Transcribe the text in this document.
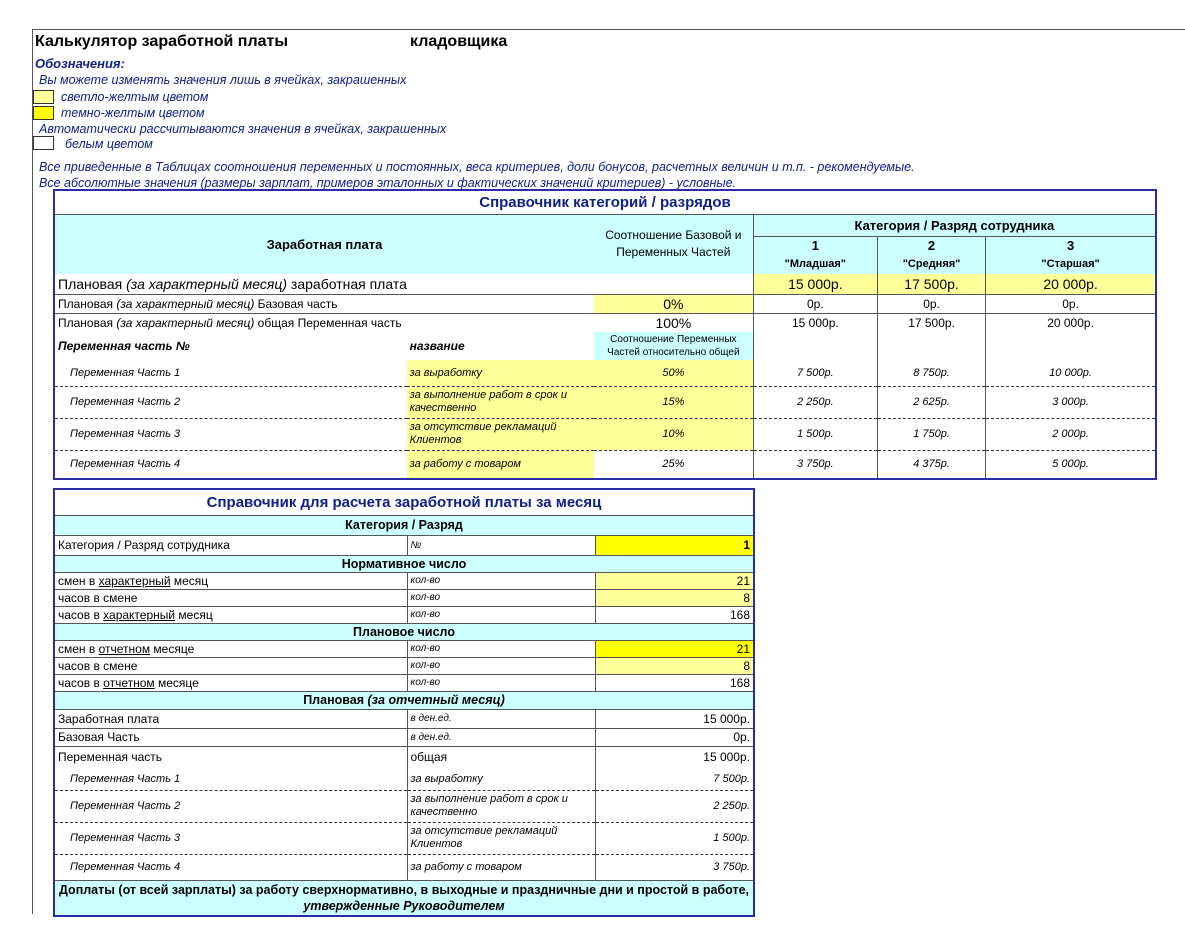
Калькулятор заработной платы	кладовщика
Обозначения:
Вы можете изменять значения лишь в ячейках, закрашенных
светло-желтым цветом
темно-желтым цветом
Автоматически рассчитываются значения в ячейках, закрашенных
белым цветом
Все приведенные в Таблицах соотношения переменных и постоянных, веса критериев, доли бонусов, расчетных величин и т.п. - рекомендуемые.
Все абсолютные значения (размеры зарплат, примеров эталонных и фактических значений критериев) - условные.
Справочник категорий / разрядов					
Заработная плата		Соотношение Базовой и Переменных Частей	Категория / Разряд сотрудника		
			1	2	3
			"Младшая"	"Средняя"	"Старшая"
Плановая (за характерный месяц) заработная плата			15 000р.	17 500р.	20 000р.
Плановая (за характерный месяц) Базовая часть		0%	0р.	0р.	0р.
Плановая (за характерный месяц) общая Переменная часть		100%	15 000р.	17 500р.	20 000р.
Переменная часть №	название	Соотношение Переменных Частей относительно общей			
Переменная Часть 1	за выработку	50%	7 500р.	8 750р.	10 000р.
Переменная Часть 2	за выполнение работ в срок и качественно	15%	2 250р.	2 625р.	3 000р.
Переменная Часть 3	за отсутствие рекламаций Клиентов	10%	1 500р.	1 750р.	2 000р.
Переменная Часть 4	за работу с товаром	25%	3 750р.	4 375р.	5 000р.
Справочник для расчета заработной платы за месяц		
Категория / Разряд		
Категория / Разряд сотрудника	№	1
Нормативное число		
смен в характерный месяц	кол-во	21
часов в смене	кол-во	8
часов в характерный месяц	кол-во	168
Плановое число		
смен в отчетном месяце	кол-во	21
часов в смене	кол-во	8
часов в отчетном месяце	кол-во	168
Плановая (за отчетный месяц)		
Заработная плата	в ден.ед.	15 000р.
Базовая Часть	в ден.ед.	0р.
Переменная часть	общая	15 000р.
Переменная Часть 1	за выработку	7 500р.
Переменная Часть 2	за выполнение работ в срок и качественно	2 250р.
Переменная Часть 3	за отсутствие рекламаций Клиентов	1 500р.
Переменная Часть 4	за работу с товаром	3 750р.
Доплаты (от всей зарплаты) за работу сверхнормативно, в выходные и праздничные дни и простой в работе, утвержденные Руководителем		
